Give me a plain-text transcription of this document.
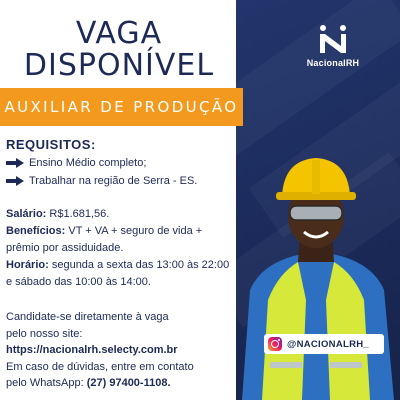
NacionalRH
VAGA
DISPONÍVEL
AUXILIAR DE PRODUÇÃO
REQUISITOS:
Ensino Médio completo;
Trabalhar na região de Serra - ES.

Salário: R$1.681,56.

Benefícios: VT + VA + seguro de vida + prêmio por assiduidade.

Horário: segunda a sexta das 13:00 às 22:00 e sábado das 10:00 às 14:00.

Candidate-se diretamente à vaga

pelo nosso site:

https://nacionalrh.selecty.com.br

Em caso de dúvidas, entre em contato

pelo WhatsApp: (27) 97400-1108.

@NACIONALRH_
